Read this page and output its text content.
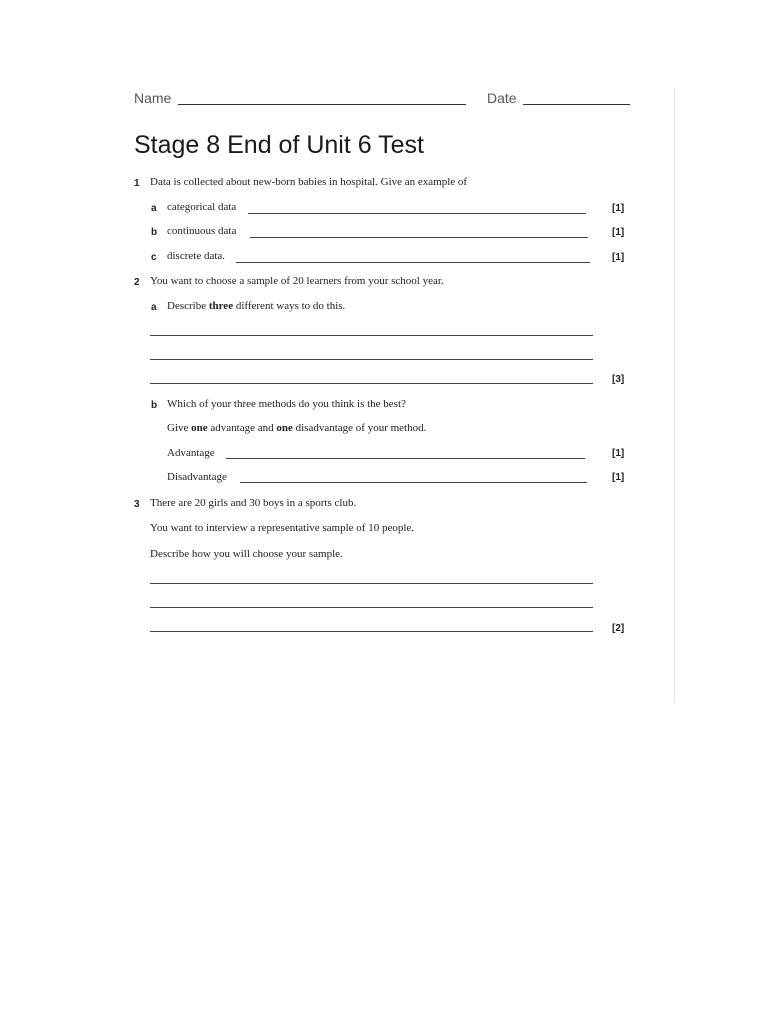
Name	Date
Stage 8 End of Unit 6 Test
1 Data is collected about new-born babies in hospital. Give an example of
a categorical data	[1]
b continuous data	[1]
c discrete data.	[1]
2 You want to choose a sample of 20 learners from your school year.
a Describe three different ways to do this.
[3]
b Which of your three methods do you think is the best?
Give one advantage and one disadvantage of your method.
Advantage	[1]
Disadvantage	[1]
3 There are 20 girls and 30 boys in a sports club.
You want to interview a representative sample of 10 people.
Describe how you will choose your sample.
[2]
